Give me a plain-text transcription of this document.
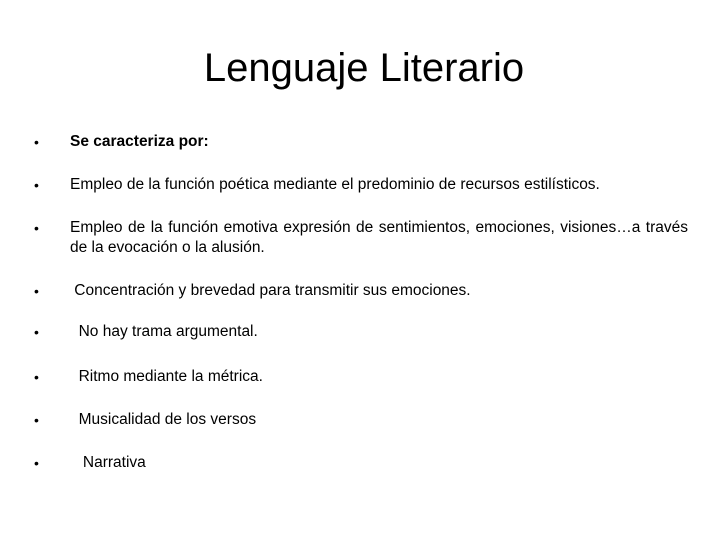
Lenguaje Literario
• Se caracteriza por:
• Empleo de la función poética mediante el predominio de recursos estilísticos.
• Empleo de la función emotiva expresión de sentimientos, emociones, visiones…a través de la evocación o la alusión.
• Concentración y brevedad para transmitir sus emociones.
• No hay trama argumental.
• Ritmo mediante la métrica.
• Musicalidad de los versos
• Narrativa
